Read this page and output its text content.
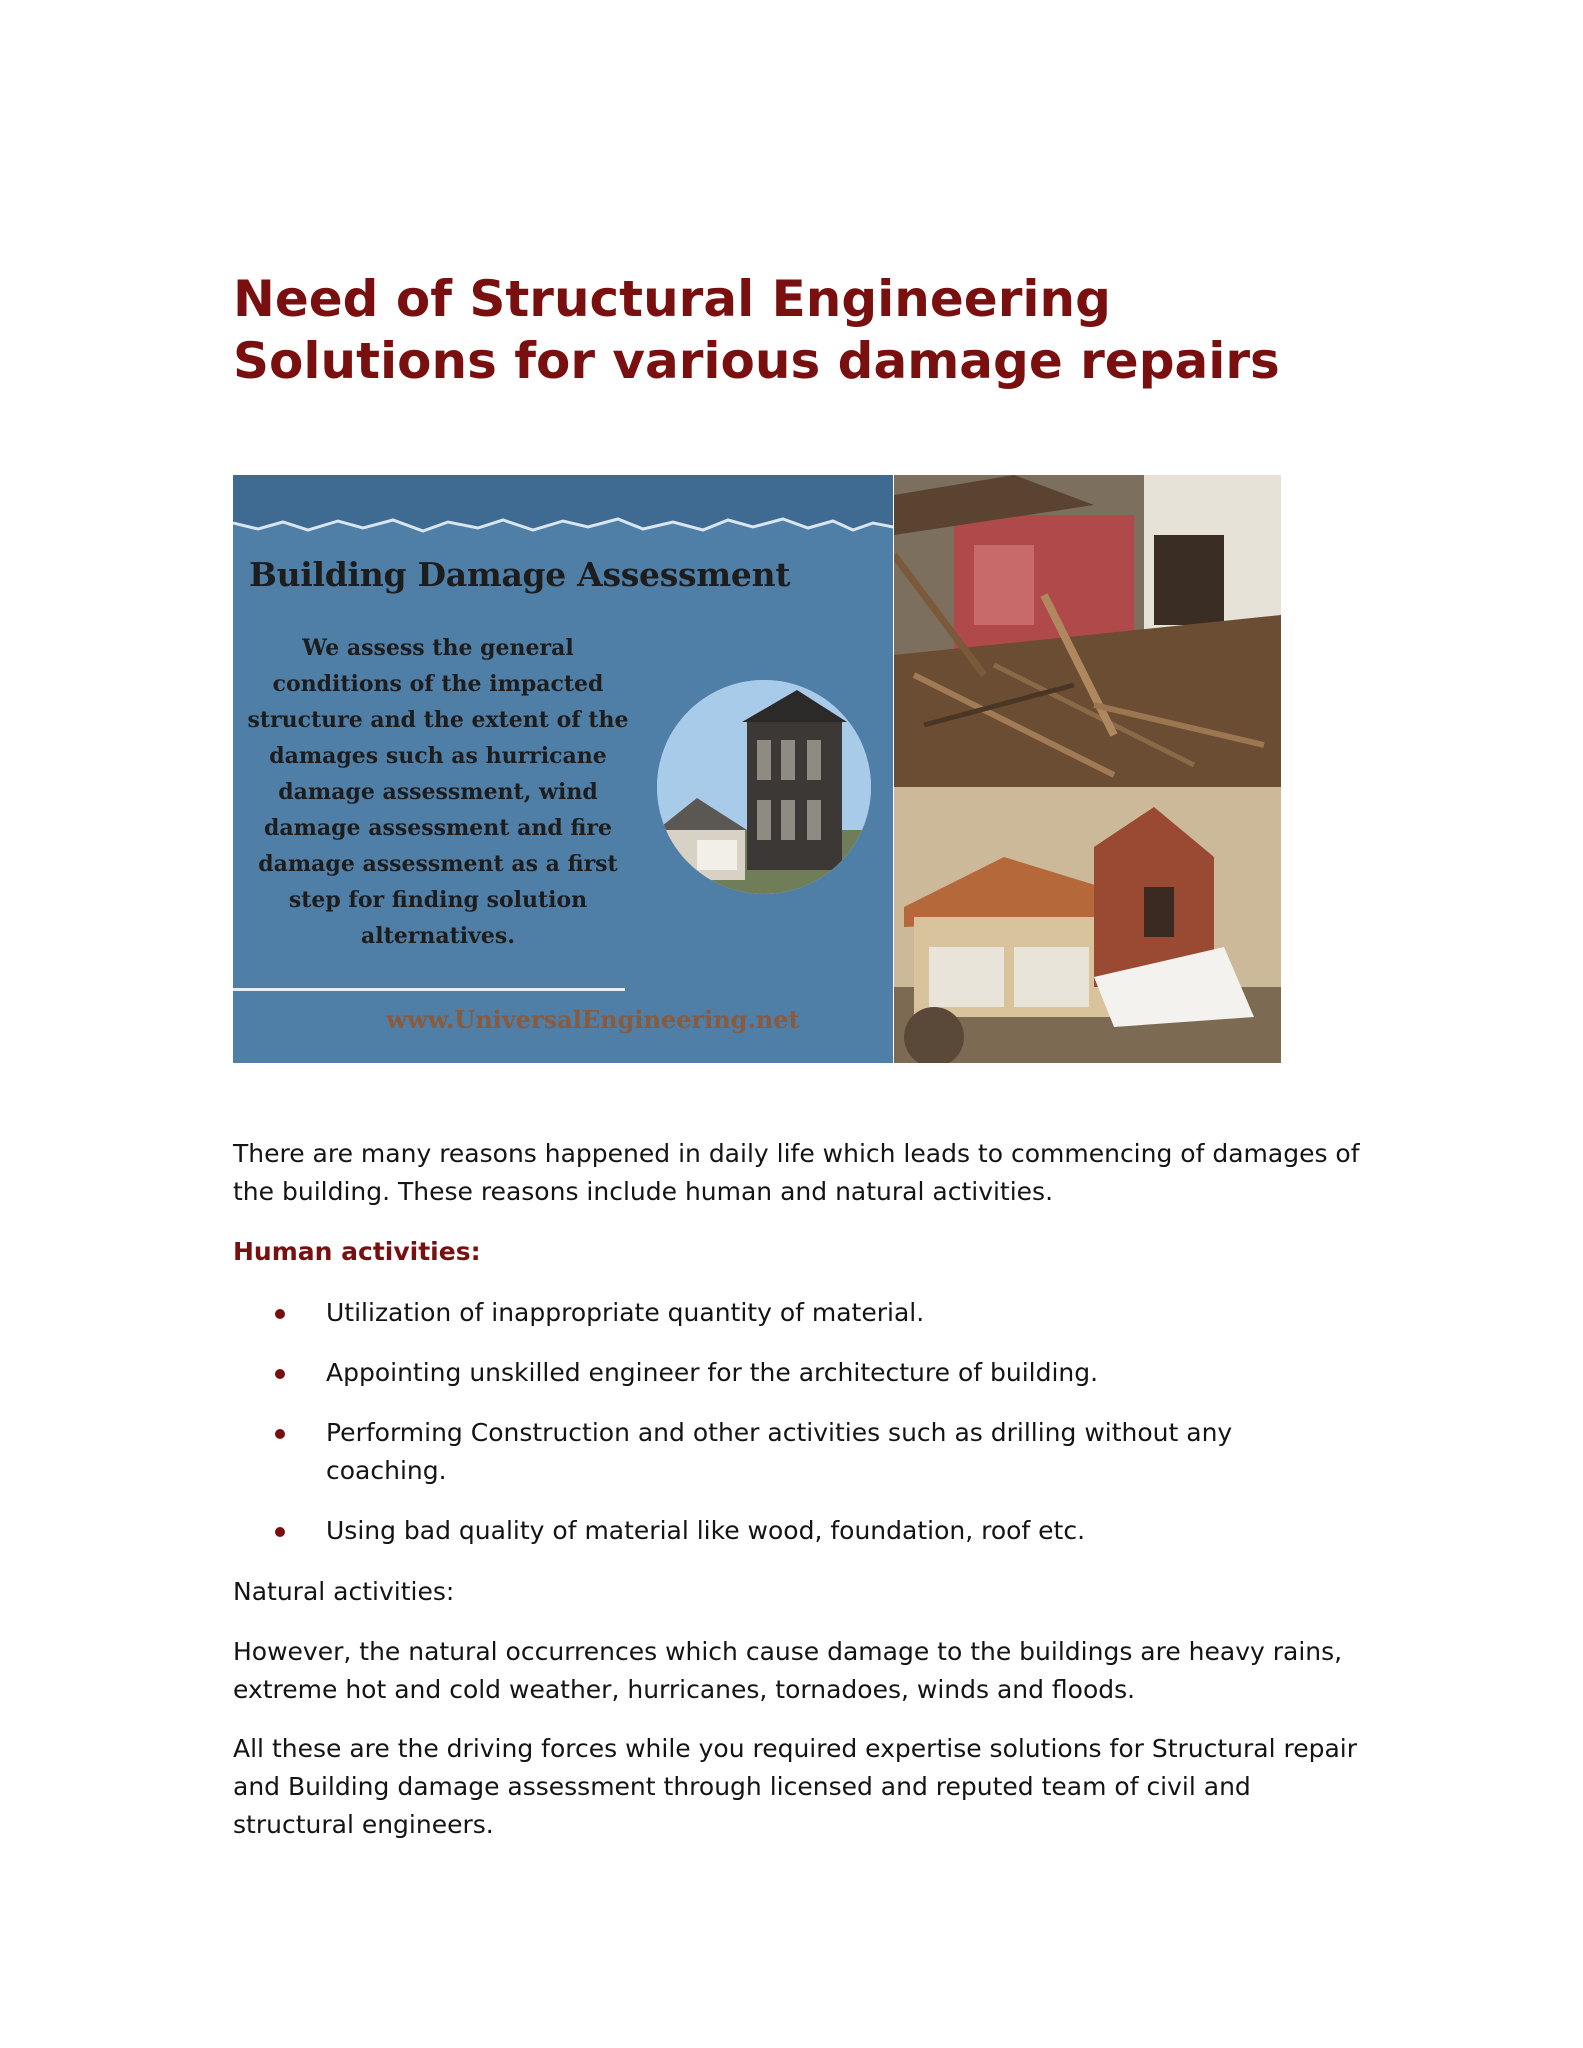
Need of Structural Engineering Solutions for various damage repairs
Building Damage Assessment
We assess the general conditions of the impacted structure and the extent of the damages such as hurricane damage assessment, wind damage assessment and fire damage assessment as a first step for finding solution alternatives.
www.UniversalEngineering.net

There are many reasons happened in daily life which leads to commencing of damages of the building. These reasons include human and natural activities.

Human activities:

Utilization of inappropriate quantity of material.
Appointing unskilled engineer for the architecture of building.
Performing Construction and other activities such as drilling without any coaching.
Using bad quality of material like wood, foundation, roof etc.

Natural activities:

However, the natural occurrences which cause damage to the buildings are heavy rains, extreme hot and cold weather, hurricanes, tornadoes, winds and floods.

All these are the driving forces while you required expertise solutions for Structural repair and Building damage assessment through licensed and reputed team of civil and structural engineers.
